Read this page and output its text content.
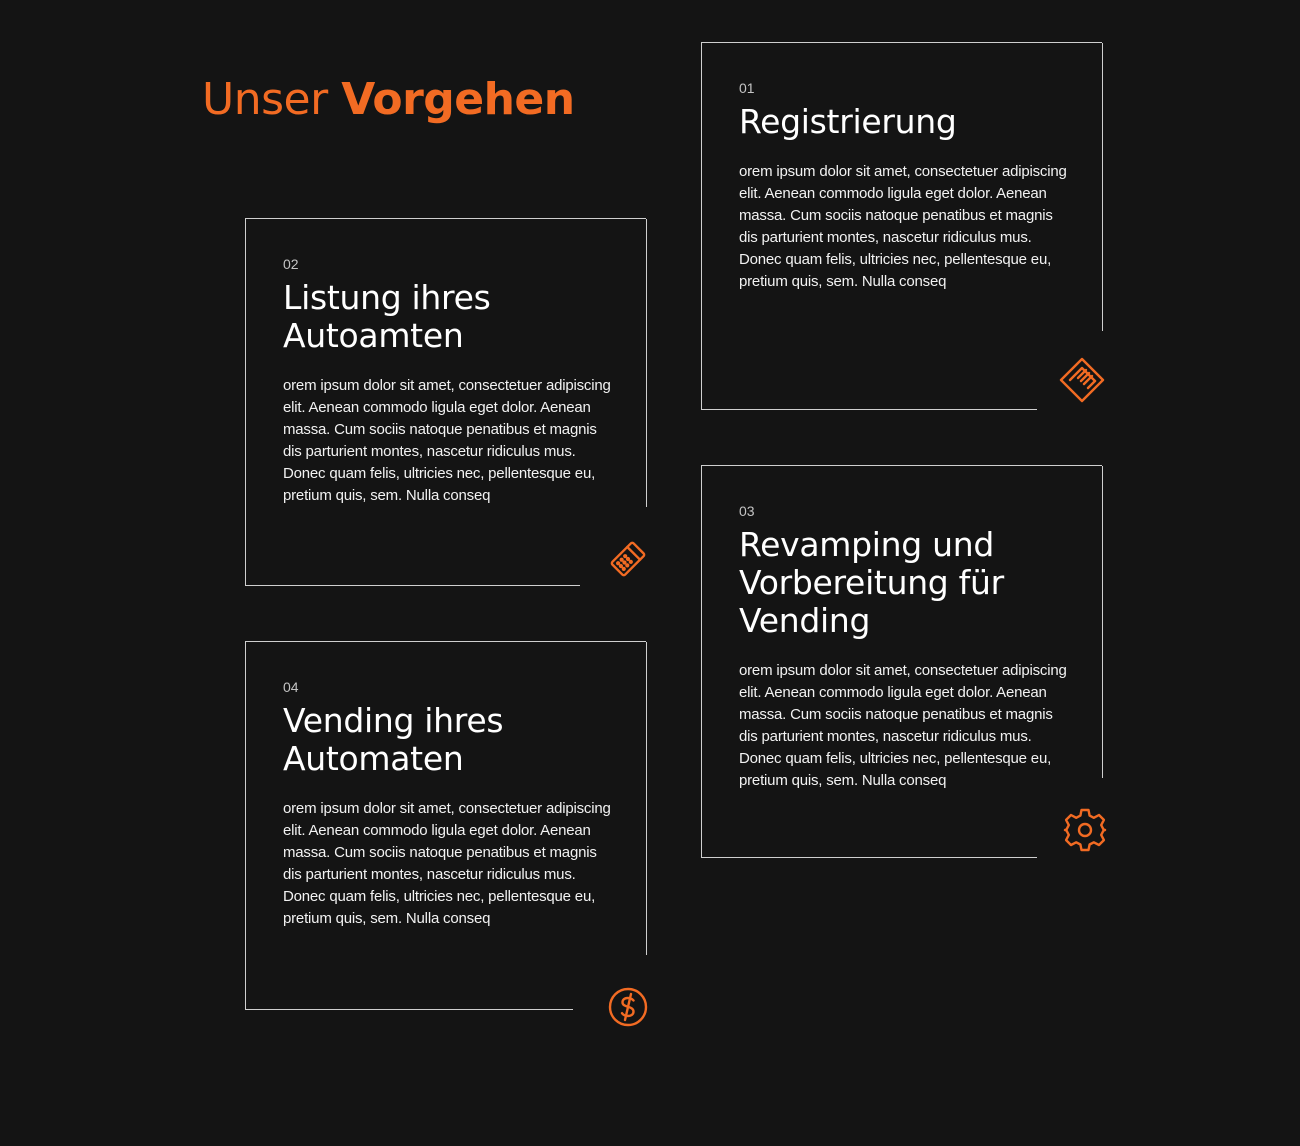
Unser Vorgehen	01

Registrierung

orem ipsum dolor sit amet, consectetuer adipiscing elit. Aenean commodo ligula eget dolor. Aenean massa. Cum sociis natoque penatibus et magnis dis parturient montes, nascetur ridiculus mus. Donec quam felis, ultricies nec, pellentesque eu, pretium quis, sem. Nulla conseq

02

Listung ihres Autoamten

orem ipsum dolor sit amet, consectetuer adipiscing elit. Aenean commodo ligula eget dolor. Aenean massa. Cum sociis natoque penatibus et magnis dis parturient montes, nascetur ridiculus mus. Donec quam felis, ultricies nec, pellentesque eu, pretium quis, sem. Nulla conseq

03

Revamping und Vorbereitung für Vending

orem ipsum dolor sit amet, consectetuer adipiscing elit. Aenean commodo ligula eget dolor. Aenean massa. Cum sociis natoque penatibus et magnis dis parturient montes, nascetur ridiculus mus. Donec quam felis, ultricies nec, pellentesque eu, pretium quis, sem. Nulla conseq

04

Vending ihres Automaten

orem ipsum dolor sit amet, consectetuer adipiscing elit. Aenean commodo ligula eget dolor. Aenean massa. Cum sociis natoque penatibus et magnis dis parturient montes, nascetur ridiculus mus. Donec quam felis, ultricies nec, pellentesque eu, pretium quis, sem. Nulla conseq
